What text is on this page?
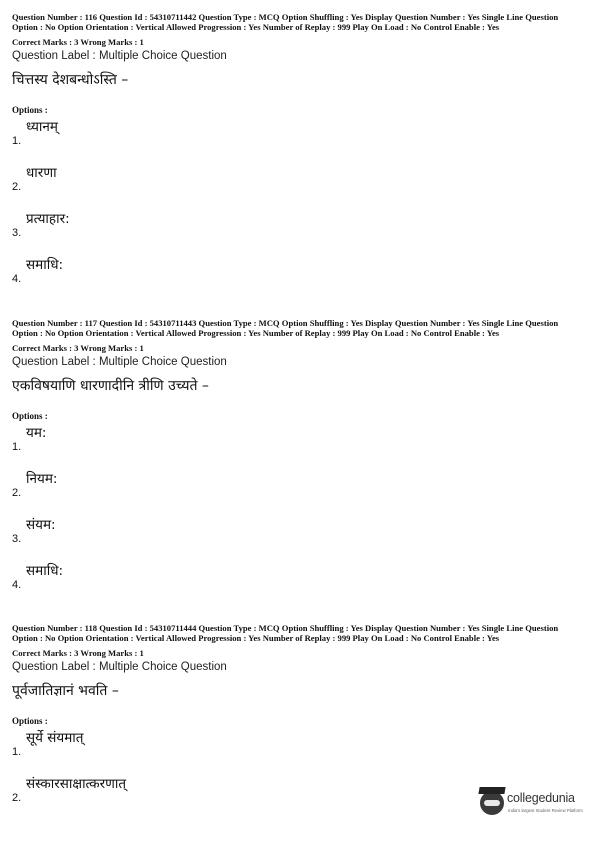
Question Number : 116 Question Id : 54310711442 Question Type : MCQ Option Shuffling : Yes Display Question Number : Yes Single Line Question Option : No Option Orientation : Vertical Allowed Progression : Yes Number of Replay : 999 Play On Load : No Control Enable : Yes
Correct Marks : 3 Wrong Marks : 1
Question Label : Multiple Choice Question
चित्तस्य देशबन्धोऽस्ति –
Options :
ध्यानम्
1.
धारणा
2.
प्रत्याहार:
3.
समाधि:
4.
Question Number : 117 Question Id : 54310711443 Question Type : MCQ Option Shuffling : Yes Display Question Number : Yes Single Line Question Option : No Option Orientation : Vertical Allowed Progression : Yes Number of Replay : 999 Play On Load : No Control Enable : Yes
Correct Marks : 3 Wrong Marks : 1
Question Label : Multiple Choice Question
एकविषयाणि धारणादीनि त्रीणि उच्यते –
Options :
यम:
1.
नियम:
2.
संयम:
3.
समाधि:
4.
Question Number : 118 Question Id : 54310711444 Question Type : MCQ Option Shuffling : Yes Display Question Number : Yes Single Line Question Option : No Option Orientation : Vertical Allowed Progression : Yes Number of Replay : 999 Play On Load : No Control Enable : Yes
Correct Marks : 3 Wrong Marks : 1
Question Label : Multiple Choice Question
पूर्वजातिज्ञानं भवति –
Options :
सूर्ये संयमात्
1.
संस्कारसाक्षात्करणात्
2.	collegedunia
India's largest Student Review Platform
